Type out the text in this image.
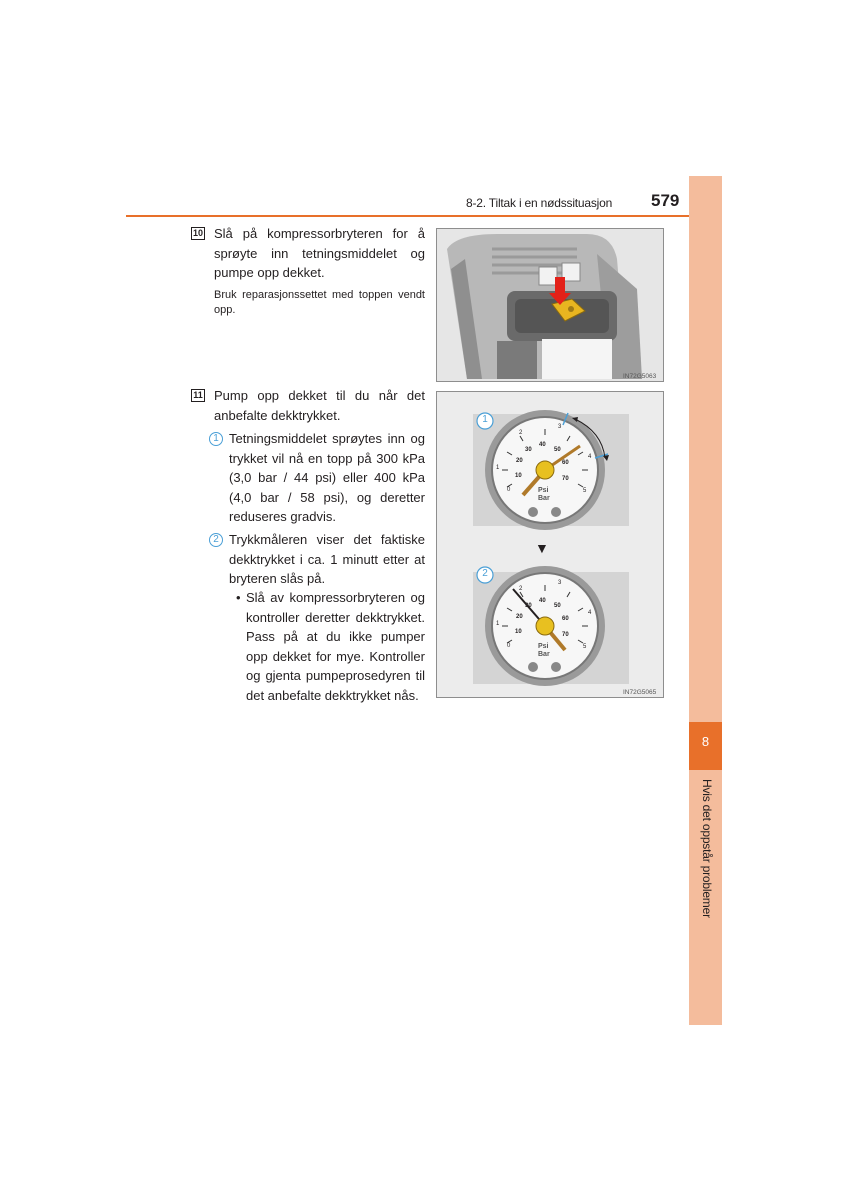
8-2. Tiltak i en nødssituasjon 579
8
Hvis det oppstår problemer
10 Slå på kompressorbryteren for å sprøyte inn tetningsmiddelet og pumpe opp dekket.
Bruk reparasjonssettet med toppen vendt opp.
11 Pump opp dekket til du når det anbefalte dekktrykket.
1 Tetningsmiddelet sprøytes inn og trykket vil nå en topp på 300 kPa (3,0 bar / 44 psi) eller 400 kPa (4,0 bar / 58 psi), og deretter reduseres gradvis.
2 Trykkmåleren viser det faktiske dekktrykket i ca. 1 minutt etter at bryteren slås på.
• Slå av kompressorbryteren og kontroller deretter dekktrykket. Pass på at du ikke pumper opp dekket for mye. Kontroller og gjenta pumpeprosedyren til det anbefalte dekktrykket nås.
IN72G5063
1
0
10
20
30
40
50
60
70
1
2
3
4
5
Psi
Bar
▼
2
0
10
20
30
40
50
60
70
1
2
3
4
5
Psi
Bar
IN72G5065
